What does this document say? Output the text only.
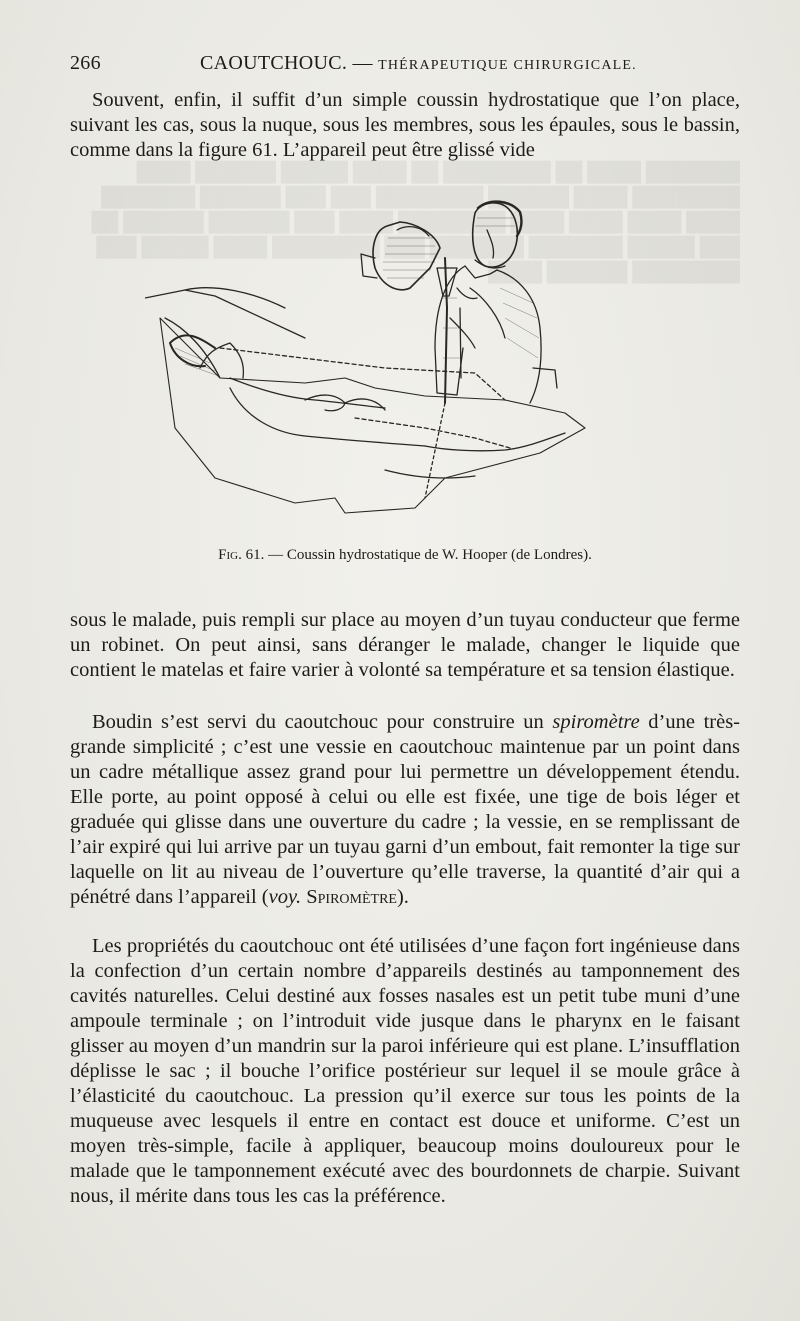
███████ ████ ██ ████████ ██ ████ █████ ██████ ████ ████████ ████ ██████ ████████ ███ ███ ██████ ███████ ████ ████ ████ ████ ████████ ████ ███ ██████ ██████ ██ ███ █████ ███████ ███████ ███ ████████ ████ █████ ███ ████████ ██████ ████
266	CAOUTCHOUC. — THÉRAPEUTIQUE CHIRURGICALE.

Souvent, enfin, il suffit d’un simple coussin hydrostatique que l’on place, suivant les cas, sous la nuque, sous les membres, sous les épaules, sous le bassin, comme dans la figure 61. L’appareil peut être glissé vide

Fig. 61. — Coussin hydrostatique de W. Hooper (de Londres).

sous le malade, puis rempli sur place au moyen d’un tuyau conducteur que ferme un robinet. On peut ainsi, sans déranger le malade, changer le liquide que contient le matelas et faire varier à volonté sa température et sa tension élastique.

Boudin s’est servi du caoutchouc pour construire un spiromètre d’une très-grande simplicité ; c’est une vessie en caoutchouc maintenue par un point dans un cadre métallique assez grand pour lui permettre un développement étendu. Elle porte, au point opposé à celui ou elle est fixée, une tige de bois léger et graduée qui glisse dans une ouverture du cadre ; la vessie, en se remplissant de l’air expiré qui lui arrive par un tuyau garni d’un embout, fait remonter la tige sur laquelle on lit au niveau de l’ouverture qu’elle traverse, la quantité d’air qui a pénétré dans l’appareil (voy. Spiromètre).

Les propriétés du caoutchouc ont été utilisées d’une façon fort ingénieuse dans la confection d’un certain nombre d’appareils destinés au tamponnement des cavités naturelles. Celui destiné aux fosses nasales est un petit tube muni d’une ampoule terminale ; on l’introduit vide jusque dans le pharynx en le faisant glisser au moyen d’un mandrin sur la paroi inférieure qui est plane. L’insufflation déplisse le sac ; il bouche l’orifice postérieur sur lequel il se moule grâce à l’élasticité du caoutchouc. La pression qu’il exerce sur tous les points de la muqueuse avec lesquels il entre en contact est douce et uniforme. C’est un moyen très-simple, facile à appliquer, beaucoup moins douloureux pour le malade que le tamponnement exécuté avec des bourdonnets de charpie. Suivant nous, il mérite dans tous les cas la préférence.
